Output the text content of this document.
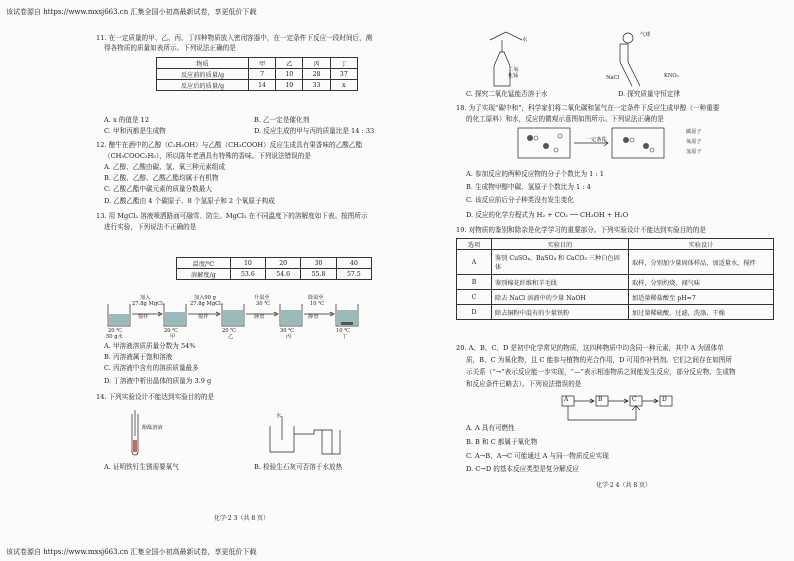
该试卷源自 https://www.mxsj663.cn 汇集全国小初高最新试卷，享更低价下载
该试卷源自 https://www.mxsj663.cn 汇集全国小初高最新试卷，享更低价下载
11. 在一定质量的甲、乙、丙、丁四种物质放入密闭容器中，在一定条件下反应一段时间后，测
得各物质的质量如表所示。下列说法正确的是
物质	甲	乙	丙	丁
反应前的质量/g	7	10	28	37
反应后的质量/g	14	10	33	x
A. x 的值是 12	B. 乙一定是催化剂
C. 甲和丙都是生成物	D. 反应生成的甲与丙的质量比是 14 : 33
12. 酿牛在酒中的乙醇（C₂H₅OH）与乙酸（CH₃COOH）反应生成具有果香味的乙酸乙酯
（CH₃COOC₂H₅），所以陈年老酒具有特殊的香味。下列说法错误的是
A. 乙醇、乙酸由碳、氢、氧三种元素组成
B. 乙酸、乙醇、乙酸乙酯均属于有机物
C. 乙酸乙酯中碳元素的质量分数最大
D. 乙酸乙酯由 4 个碳原子、8 个氢原子和 2 个氧原子构成
13. 用 MgCl₂ 溶液喷洒路面可融雪、防尘。MgCl₂ 在不同温度下的溶解度如下表。按图所示
进行实验，下列说法不正确的是
温度/℃	10	20	30	40
溶解度/g	53.6	54.6	55.8	57.5
加入
27.8g MgCl₂
搅拌
加入90 g
27.8g MgCl₂
搅拌
升温至
30 ℃
静置
降温至
10 ℃
静置
20 ℃
50 g水
20 ℃
甲
20 ℃
乙
30 ℃
丙
10 ℃
丁
A. 甲溶液溶质质量分数为 54%
B. 丙溶液属于饱和溶液
C. 丙溶液中含有的溶质质量最多
D. 丁溶液中析出晶体的质量为 3.9 g
14. 下列实验设计不能达到实验目的的是
酚酞溶液
水
A. 证明铁钉生锈需要氧气	B. 检验生石灰可否溶于水放热
化学·2 3（共 8 页）
水
二氧
化锰
气球
KNO₃
NaCl
C. 探究二氧化锰能否溶于水	D. 探究质量守恒定律
18. 为了实现“碳中和”，科学家们将二氧化碳和氢气在一定条件下反应生成甲醇（一种重要
的化工原料）和水，反应的微观示意图如图所示。下列说法正确的是
一定条件
碳原子
氧原子
氢原子
A. 参加反应的两种反应物的分子个数比为 1 : 1
B. 生成物甲醇中碳、氢原子个数比为 1 : 4
C. 该反应前后分子种类没有发生变化
D. 反应的化学方程式为 H₂ + CO₂ ── CH₃OH + H₂O
19. 对物质的鉴别和除杂是化学学习的重要部分。下列实验设计不能达到实验目的的是
选项	实验目的	实验设计
A	鉴别 CuSO₄、BaSO₄ 和 CaCO₃ 三种白色固体	取样，分别加少量固体样品，加适量水，搅拌
B	鉴别棉花纤维和羊毛线	取样，分别灼烧，闻气味
C	除去 NaCl 溶液中的少量 NaOH	加适量稀盐酸至 pH=7
D	除去铜粉中混有的少量铁粉	加过量稀硫酸，过滤，洗涤，干燥
20. A、B、C、D 是初中化学常见的物质，这四种物质中均含同一种元素，其中 A 为固体单
质，B、C 为氧化物，且 C 能参与植物的光合作用，D 可用作补钙剂。它们之间存在如图所
示关系（“→”表示反应能一步实现，“—”表示相连物质之间能发生反应，部分反应物、生成物
和反应条件已略去）。下列说法错误的是
A	B	C	D
A. A 具有可燃性
B. B 和 C 都属于氧化物
C. A→B、A→C 可能通过 A 与同一物质反应实现
D. C→D 的基本反应类型是复分解反应
化学·2 4（共 8 页）
